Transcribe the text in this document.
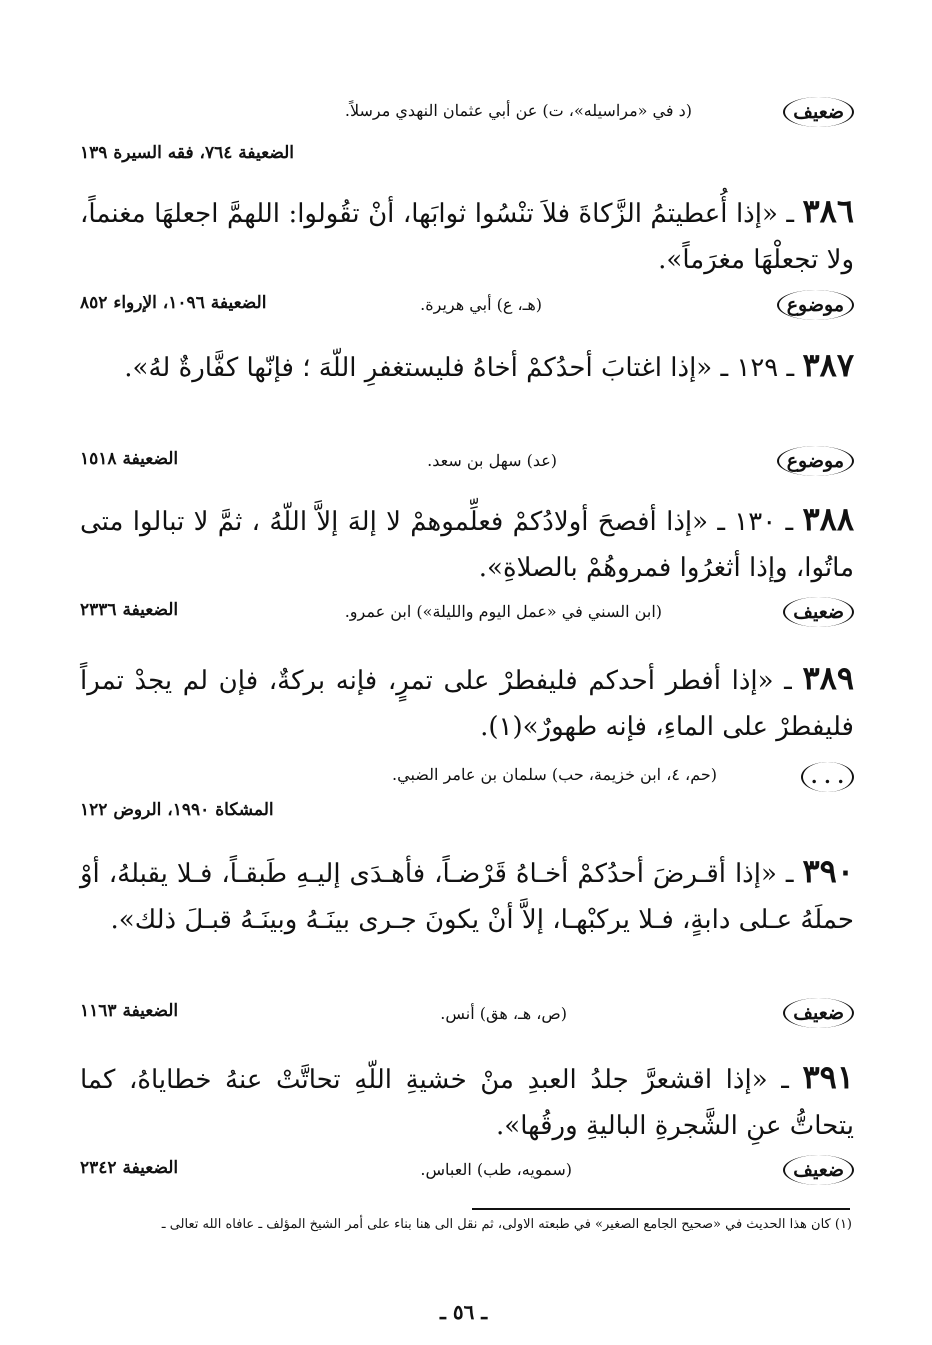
ضعيف
(د في «مراسيله»، ت) عن أبي عثمان النهدي مرسلاً.
الضعيفة ٧٦٤، فقه السيرة ١٣٩
٣٨٦ ـ «إذا أُعطيتمُ الزَّكاةَ فلاَ تنْسُوا ثوابَها، أنْ تقُولوا: اللهمَّ اجعلهَا مغنماً، ولا تجعلْهَا مغرَماً».
موضوع
(هـ، ع) أبي هريرة.
الضعيفة ١٠٩٦، الإرواء ٨٥٢
٣٨٧ ـ ١٢٩ ـ «إذا اغتابَ أحدُكمْ أخاهُ فليستغفرِ اللّهَ ؛ فإنّها كفَّارةٌ لهُ».
موضوع
(عد) سهل بن سعد.
الضعيفة ١٥١٨
٣٨٨ ـ ١٣٠ ـ «إذا أفصحَ أولادُكمْ فعلِّموهمْ لا إلهَ إلاَّ اللّهُ ، ثمَّ لا تبالوا متى ماتُوا، وإذا أثغرُوا فمروهُمْ بالصلاةِ».
ضعيف
(ابن السني في «عمل اليوم والليلة») ابن عمرو.
الضعيفة ٢٣٣٦
٣٨٩ ـ «إذا أفطر أحدكم فليفطرْ على تمرٍ، فإنه بركةٌ، فإن لم يجدْ تمراً فليفطرْ على الماءِ، فإنه طهورٌ»(١).
. . .
(حم، ٤، ابن خزيمة، حب) سلمان بن عامر الضبي.
المشكاة ١٩٩٠، الروض ١٢٢
٣٩٠ ـ «إذا أقـرضَ أحدُكمْ أخـاهُ قَرْضـاً، فأهـدَى إليـهِ طَبقـاً، فـلا يقبلهُ، أوْ حملَهُ عـلى دابةٍ، فـلا يركبْهـا، إلاَّ أنْ يكونَ جـرى بينَـهُ وبينَـهُ قبـلَ ذلك».
ضعيف
(ص، هـ، هق) أنس.
الضعيفة ١١٦٣
٣٩١ ـ «إذا اقشعرَّ جلدُ العبدِ منْ خشيةِ اللّهِ تحاتَّتْ عنهُ خطاياهُ، كما يتحاتُّ عنِ الشَّجرةِ الباليةِ ورقُها».
ضعيف
(سمويه، طب) العباس.
الضعيفة ٢٣٤٢
(١) كان هذا الحديث في «صحيح الجامع الصغير» في طبعته الاولى، ثم نقل الى هنا بناء على أمر الشيخ المؤلف ـ عافاه الله تعالى ـ
ـ ٥٦ ـ
